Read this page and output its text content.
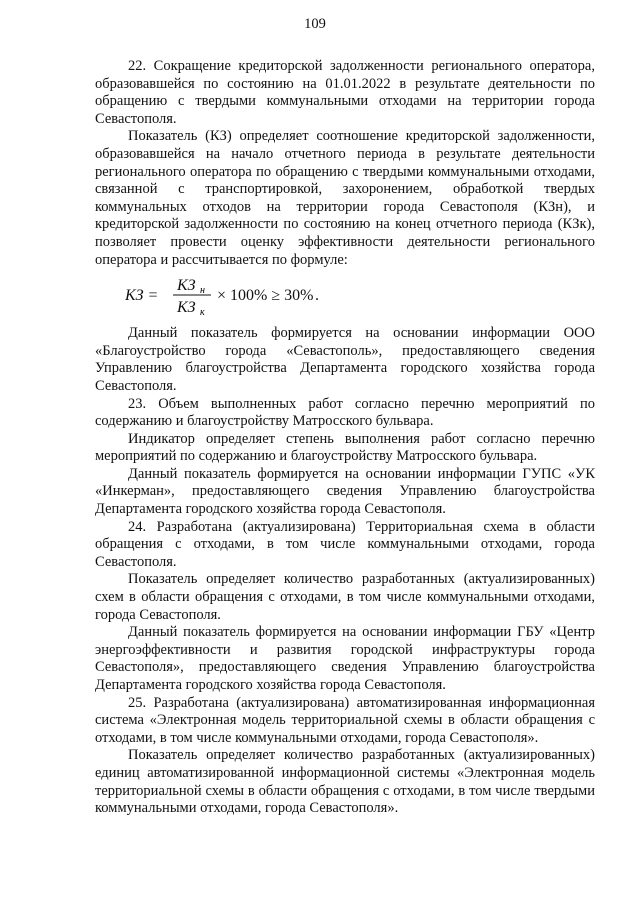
109

22. Сокращение кредиторской задолженности регионального оператора, образовавшейся по состоянию на 01.01.2022 в результате деятельности по обращению с твердыми коммунальными отходами на территории города Севастополя.

Показатель (КЗ) определяет соотношение кредиторской задолженности, образовавшейся на начало отчетного периода в результате деятельности регионального оператора по обращению с твердыми коммунальными отходами, связанной с транспортировкой, захоронением, обработкой твердых коммунальных отходов на территории города Севастополя (КЗн), и кредиторской задолженности по состоянию на конец отчетного периода (КЗк), позволяет провести оценку эффективности деятельности регионального оператора и рассчитывается по формуле:

КЗ =
КЗ н
КЗ к
× 100% ≥ 30% .

Данный показатель формируется на основании информации ООО «Благоустройство города «Севастополь», предоставляющего сведения Управлению благоустройства Департамента городского хозяйства города Севастополя.

23. Объем выполненных работ согласно перечню мероприятий по содержанию и благоустройству Матросского бульвара.

Индикатор определяет степень выполнения работ согласно перечню мероприятий по содержанию и благоустройству Матросского бульвара.

Данный показатель формируется на основании информации ГУПС «УК «Инкерман», предоставляющего сведения Управлению благоустройства Департамента городского хозяйства города Севастополя.

24. Разработана (актуализирована) Территориальная схема в области обращения с отходами, в том числе коммунальными отходами, города Севастополя.

Показатель определяет количество разработанных (актуализированных) схем в области обращения с отходами, в том числе коммунальными отходами, города Севастополя.

Данный показатель формируется на основании информации ГБУ «Центр энергоэффективности и развития городской инфраструктуры города Севастополя», предоставляющего сведения Управлению благоустройства Департамента городского хозяйства города Севастополя.

25. Разработана (актуализирована) автоматизированная информационная система «Электронная модель территориальной схемы в области обращения с отходами, в том числе коммунальными отходами, города Севастополя».

Показатель определяет количество разработанных (актуализированных) единиц автоматизированной информационной системы «Электронная модель территориальной схемы в области обращения с отходами, в том числе твердыми коммунальными отходами, города Севастополя».
